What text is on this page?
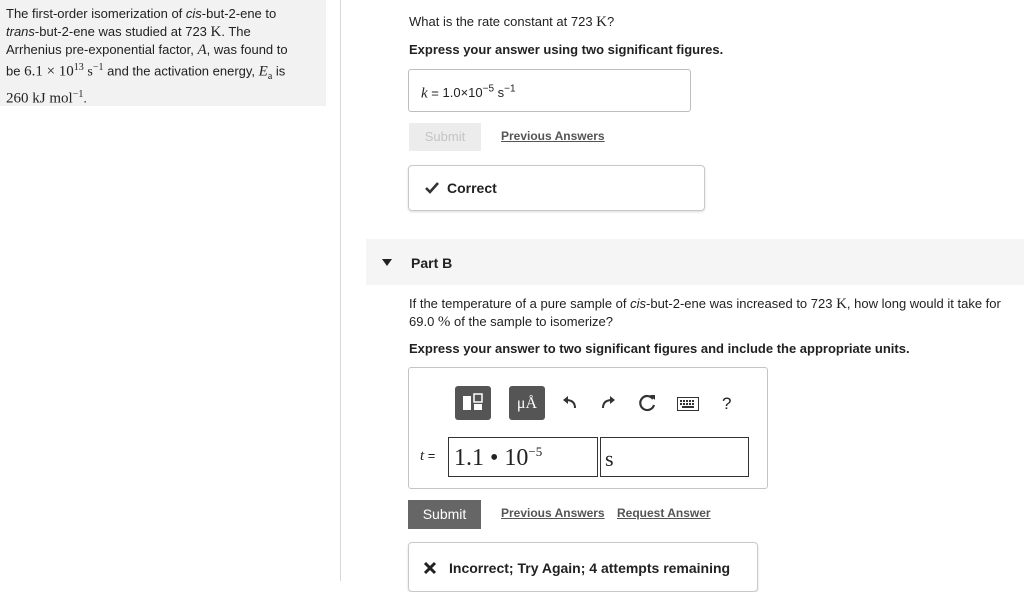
The first-order isomerization of cis-but-2-ene to
trans-but-2-ene was studied at 723 K. The
Arrhenius pre-exponential factor, A, was found to
be $6.1 \times 10^{13}$ $s^{-1}$ and the activation energy, $E_a$ is
260 kJ mol$^{-1}$.
What is the rate constant at 723 K?
Express your answer using two significant figures.
$k = 1.0\times 10^{-5}$ $s^{-1}$
Submit	Previous Answers
Correct
Part B
If the temperature of a pure sample of cis-but-2-ene was increased to 723 K, how long would it take for
69.0 % of the sample to isomerize?
Express your answer to two significant figures and include the appropriate units.
μÅ	?
t = 1.1 • $10^{-5}$	s
Submit	Previous Answers Request Answer
Incorrect; Try Again; 4 attempts remaining
